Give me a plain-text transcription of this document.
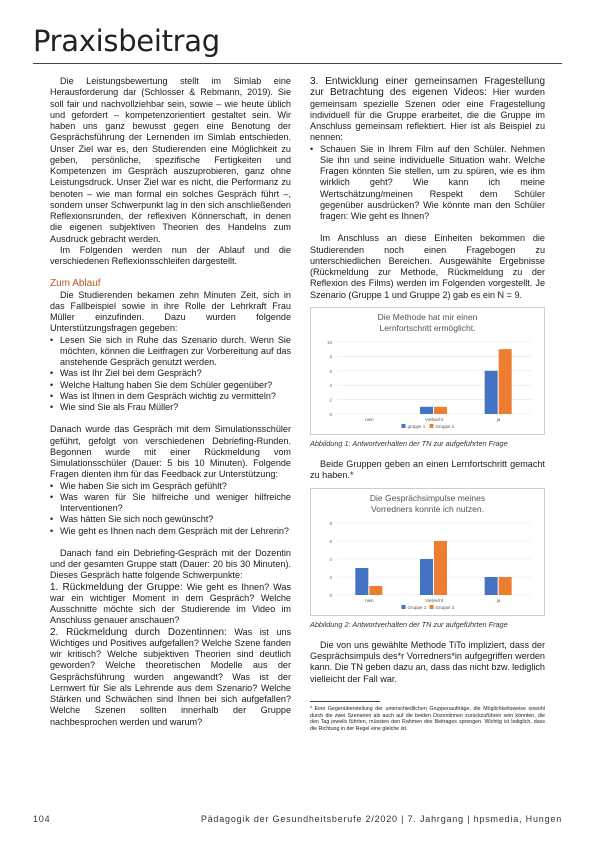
Praxisbeitrag

Die Leistungsbewertung stellt im Simlab eine Herausforderung dar (Schlosser & Rebmann, 2019). Sie soll fair und nachvollziehbar sein, sowie – wie heute üblich und gefordert – kompetenzorientiert gestaltet sein. Wir haben uns ganz bewusst gegen eine Benotung der Gesprächsführung der Lernenden im Simlab entschieden. Unser Ziel war es, den Studierenden eine Möglichkeit zu geben, persönliche, spezifische Fertigkeiten und Kompetenzen im Gespräch auszuprobieren, ganz ohne Leistungsdruck. Unser Ziel war es nicht, die Performanz zu benoten – wie man formal ein solches Gespräch führt –, sondern unser Schwerpunkt lag in den sich anschließenden Reflexionsrunden, der reflexiven Könnerschaft, in denen die eigenen subjektiven Theorien des Handelns zum Ausdruck gebracht werden.

Im Folgenden werden nun der Ablauf und die verschiedenen Reflexionsschleifen dargestellt.

Zum Ablauf

Die Studierenden bekamen zehn Minuten Zeit, sich in das Fallbeispiel sowie in ihre Rolle der Lehrkraft Frau Müller einzufinden. Dazu wurden folgende Unterstützungsfragen gegeben:

• Lesen Sie sich in Ruhe das Szenario durch. Wenn Sie möchten, können die Leitfragen zur Vorbereitung auf das anstehende Gespräch genutzt werden.
• Was ist Ihr Ziel bei dem Gespräch?
• Welche Haltung haben Sie dem Schüler gegenüber?
• Was ist Ihnen in dem Gespräch wichtig zu vermitteln?
• Wie sind Sie als Frau Müller?

Danach wurde das Gespräch mit dem Simulationsschüler geführt, gefolgt von verschiedenen Debriefing-Runden. Begonnen wurde mit einer Rückmeldung vom Simulationsschüler (Dauer: 5 bis 10 Minuten). Folgende Fragen dienten ihm für das Feedback zur Unterstützung:

• Wie haben Sie sich im Gespräch gefühlt?
• Was waren für Sie hilfreiche und weniger hilfreiche Interventionen?
• Was hätten Sie sich noch gewünscht?
• Wie geht es Ihnen nach dem Gespräch mit der Lehrerin?

Danach fand ein Debriefing-Gespräch mit der Dozentin und der gesamten Gruppe statt (Dauer: 20 bis 30 Minuten). Dieses Gespräch hatte folgende Schwerpunkte:

1. Rückmeldung der Gruppe: Wie geht es Ihnen? Was war ein wichtiger Moment in dem Gespräch? Welche Ausschnitte möchte sich der Studierende im Video im Anschluss genauer anschauen?

2. Rückmeldung durch Dozentinnen: Was ist uns Wichtiges und Positives aufgefallen? Welche Szene fanden wir kritisch? Welche subjektiven Theorien sind deutlich geworden? Welche theoretischen Modelle aus der Gesprächsführung wurden angewandt? Was ist der Lernwert für Sie als Lehrende aus dem Szenario? Welche Stärken und Schwächen sind Ihnen bei sich aufgefallen? Welche Szenen sollten innerhalb der Gruppe nachbesprochen werden und warum?

3. Entwicklung einer gemeinsamen Fragestellung zur Betrachtung des eigenen Videos: Hier wurden gemeinsam spezielle Szenen oder eine Fragestellung individuell für die Gruppe erarbeitet, die die Gruppe im Anschluss gemeinsam reflektiert. Hier ist als Beispiel zu nennen:

• Schauen Sie in Ihrem Film auf den Schüler. Nehmen Sie ihn und seine individuelle Situation wahr. Welche Fragen könnten Sie stellen, um zu spüren, wie es ihm wirklich geht? Wie kann ich meine Wertschätzung/meinen Respekt dem Schüler gegenüber ausdrücken? Wie könnte man den Schüler fragen: Wie geht es Ihnen?

Im Anschluss an diese Einheiten bekommen die Studierenden noch einen Fragebogen zu unterschiedlichen Bereichen. Ausgewählte Ergebnisse (Rückmeldung zur Methode, Rückmeldung zu der Reflexion des Films) werden im Folgenden vorgestellt. Je Szenario (Gruppe 1 und Gruppe 2) gab es ein N = 9.

Die Methode hat mir einen
Lernfortschritt ermöglicht.
0
2
4
6
8
10
nein	Vielleicht	ja
gruppe 1 Gruppe 2
Abbildung 1: Antwortverhalten der TN zur aufgeführten Frage

Beide Gruppen geben an einen Lernfortschritt gemacht zu haben.*

Die Gesprächsimpulse meines
Vorredners konnte ich nutzen.
0
2
4
6
8
nein	Vielleicht	ja
Gruppe 1 Gruppe 2
Abbildung 2: Antwortverhalten der TN zur aufgeführten Frage

Die von uns gewählte Methode TiTo impliziert, dass der Gesprächsimpuls des*r Vorredners*in aufgegriffen werden kann. Die TN geben dazu an, dass das nicht bzw. lediglich vielleicht der Fall war.

* Eine Gegenüberstellung der unterschiedlichen Gruppenaufträge, die Möglichkeitsweise sowohl durch die zwei Szenarien als auch auf die beiden Dozentinnen zurückzuführen sein könnten, die den Tag jeweils führten, müssten den Rahmen des Beitrages sprengen. Wichtig ist lediglich, dass die Richtung in der Regel eine gleiche ist.

104	Pädagogik der Gesundheitsberufe 2/2020 | 7. Jahrgang | hpsmedia, Hungen
